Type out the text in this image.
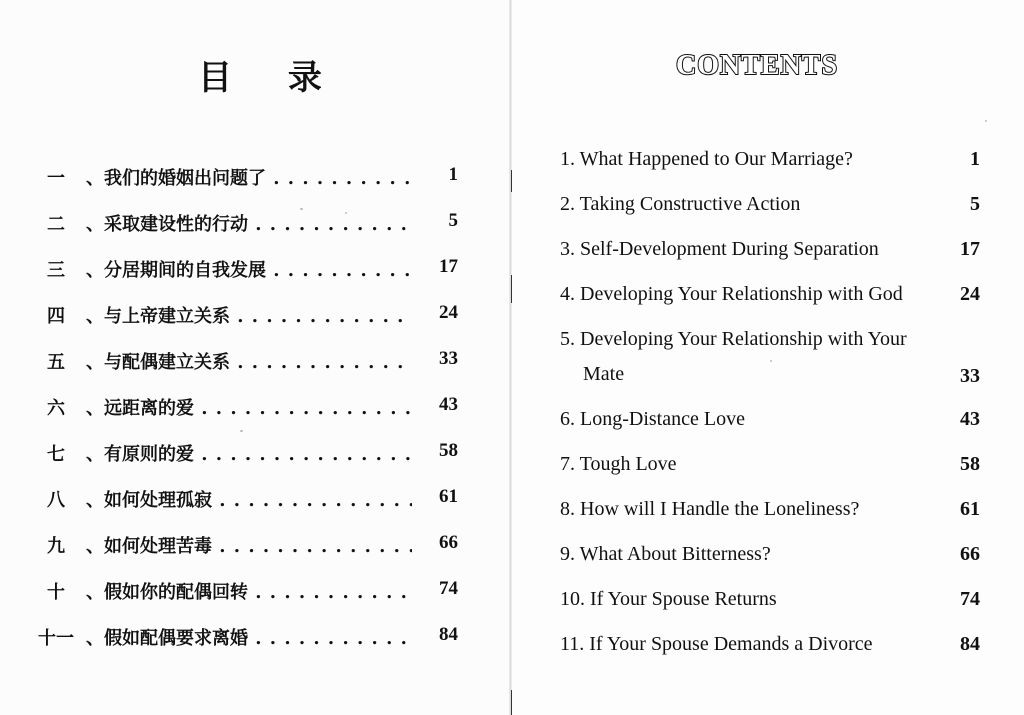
目 录
一	、我们的婚姻出问题了 . . .	1
二	、采取建设性的行动 . . .	5
三	、分居期间的自我发展 . . .	17
四	、与上帝建立关系 . . .	24
五	、与配偶建立关系 . . .	33
六	、远距离的爱 . . .	43
七	、有原则的爱 . . .	58
八	、如何处理孤寂 . . .	61
九	、如何处理苦毒 . . .	66
十	、假如你的配偶回转 . . .	74
十一 、假如配偶要求离婚 . . .	84
CONTENTS
1. What Happened to Our Marriage?	1
2. Taking Constructive Action	5
3. Self-Development During Separation	17
4. Developing Your Relationship with God	24
5. Developing Your Relationship with Your
Mate	33
6. Long-Distance Love	43
7. Tough Love	58
8. How will I Handle the Loneliness?	61
9. What About Bitterness?	66
10. If Your Spouse Returns	74
11. If Your Spouse Demands a Divorce	84
